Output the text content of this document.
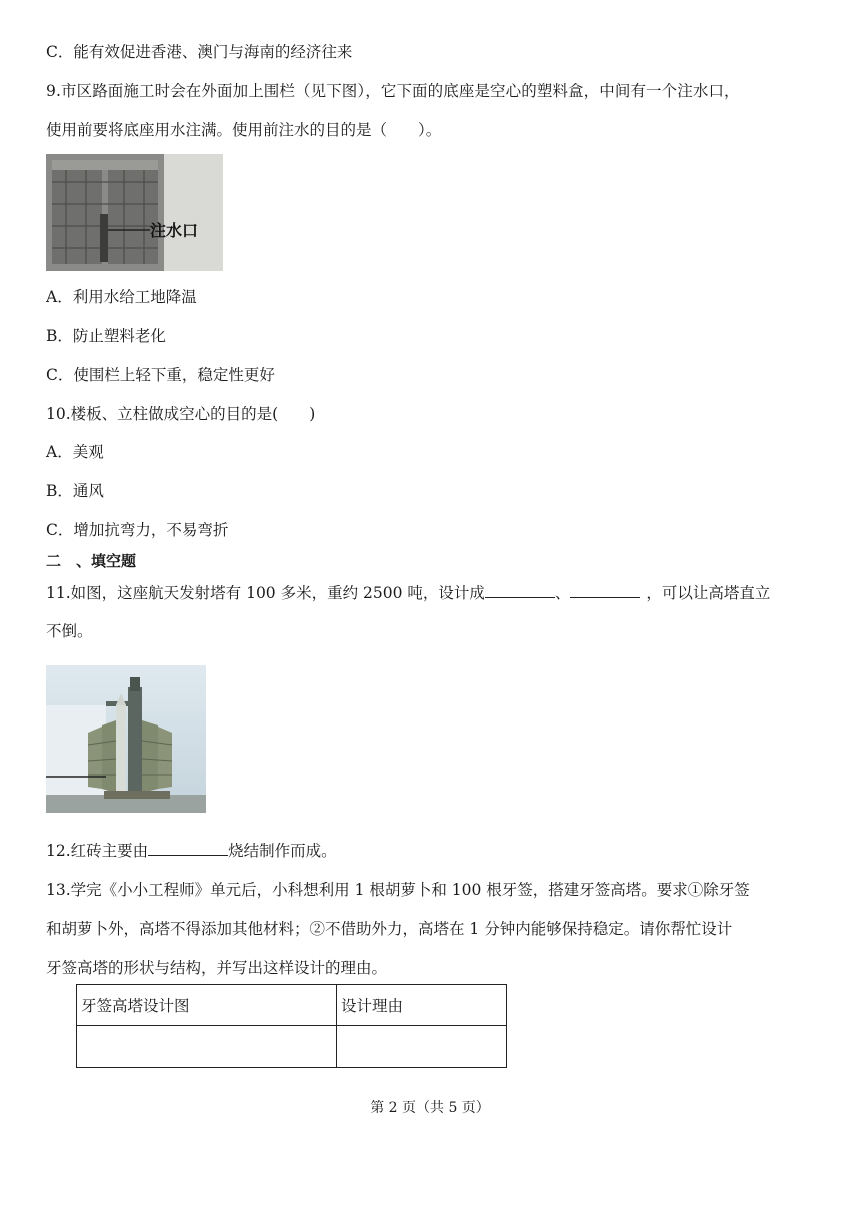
C．能有效促进香港、澳门与海南的经济往来
9.市区路面施工时会在外面加上围栏（见下图），它下面的底座是空心的塑料盒，中间有一个注水口，
使用前要将底座用水注满。使用前注水的目的是（　　）。
注水口
A．利用水给工地降温
B．防止塑料老化
C．使围栏上轻下重，稳定性更好
10.楼板、立柱做成空心的目的是(　　)
A．美观
B．通风
C．增加抗弯力，不易弯折
二　、填空题
11.如图，这座航天发射塔有 100 多米，重约 2500 吨，设计成	、	，可以让高塔直立
不倒。
12.红砖主要由	烧结制作而成。
13.学完《小小工程师》单元后，小科想利用 1 根胡萝卜和 100 根牙签，搭建牙签高塔。要求①除牙签
和胡萝卜外，高塔不得添加其他材料；②不借助外力，高塔在 1 分钟内能够保持稳定。请你帮忙设计
牙签高塔的形状与结构，并写出这样设计的理由。
牙签高塔设计图	设计理由

第 2 页（共 5 页）
